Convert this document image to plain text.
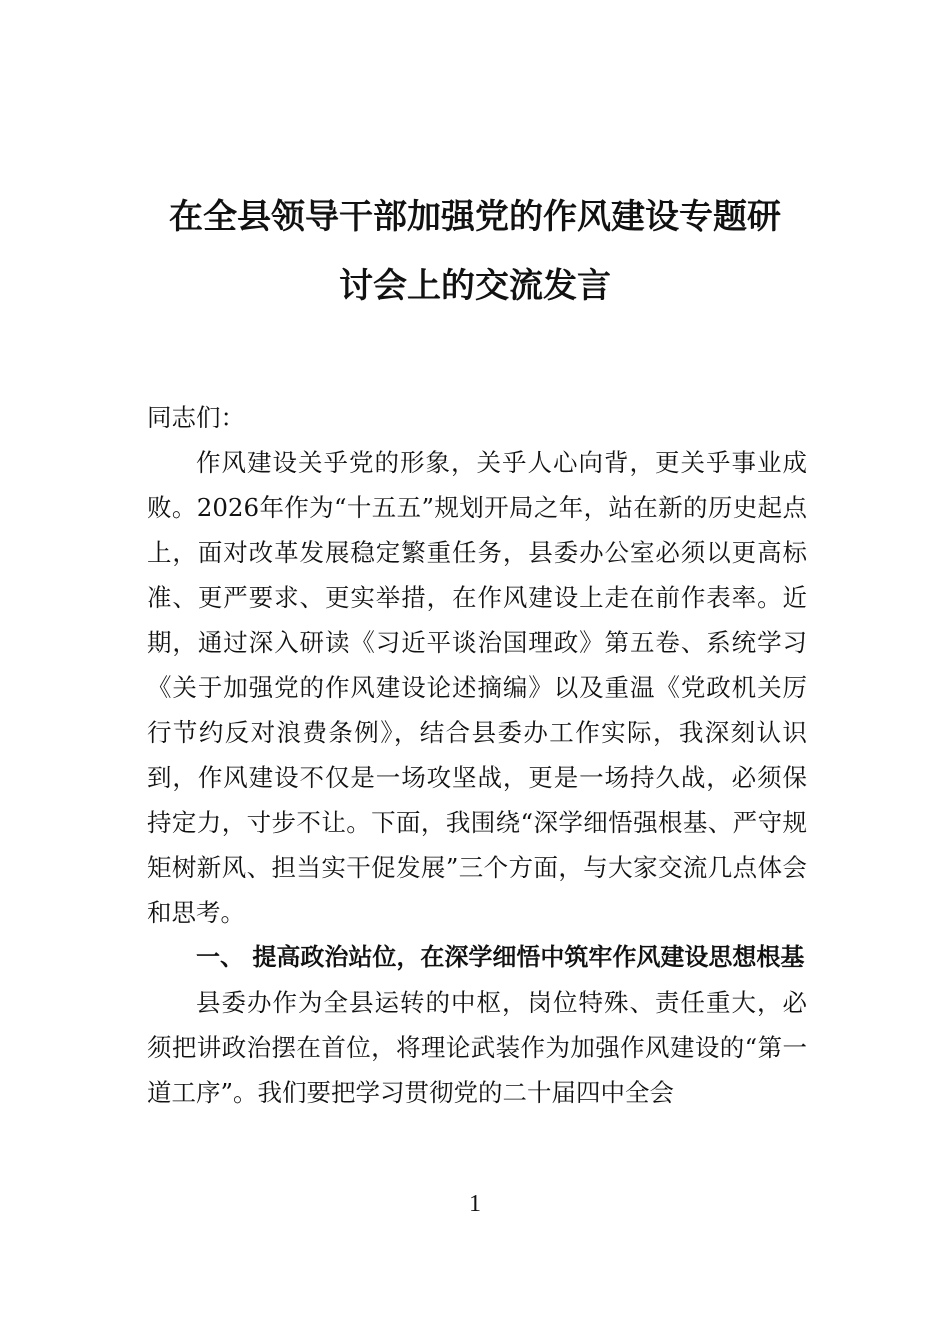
在全县领导干部加强党的作风建设专题研
讨会上的交流发言

同志们：

作风建设关乎党的形象，关乎人心向背，更关乎事业成败。2026年作为“十五五”规划开局之年，站在新的历史起点上，面对改革发展稳定繁重任务，县委办公室必须以更高标准、更严要求、更实举措，在作风建设上走在前作表率。近期，通过深入研读《习近平谈治国理政》第五卷、系统学习《关于加强党的作风建设论述摘编》以及重温《党政机关厉行节约反对浪费条例》，结合县委办工作实际，我深刻认识到，作风建设不仅是一场攻坚战，更是一场持久战，必须保持定力，寸步不让。下面，我围绕“深学细悟强根基、严守规矩树新风、担当实干促发展”三个方面，与大家交流几点体会和思考。

一、 提高政治站位，在深学细悟中筑牢作风建设思想根基

县委办作为全县运转的中枢，岗位特殊、责任重大，必须把讲政治摆在首位，将理论武装作为加强作风建设的“第一道工序”。我们要把学习贯彻党的二十届四中全会

1
